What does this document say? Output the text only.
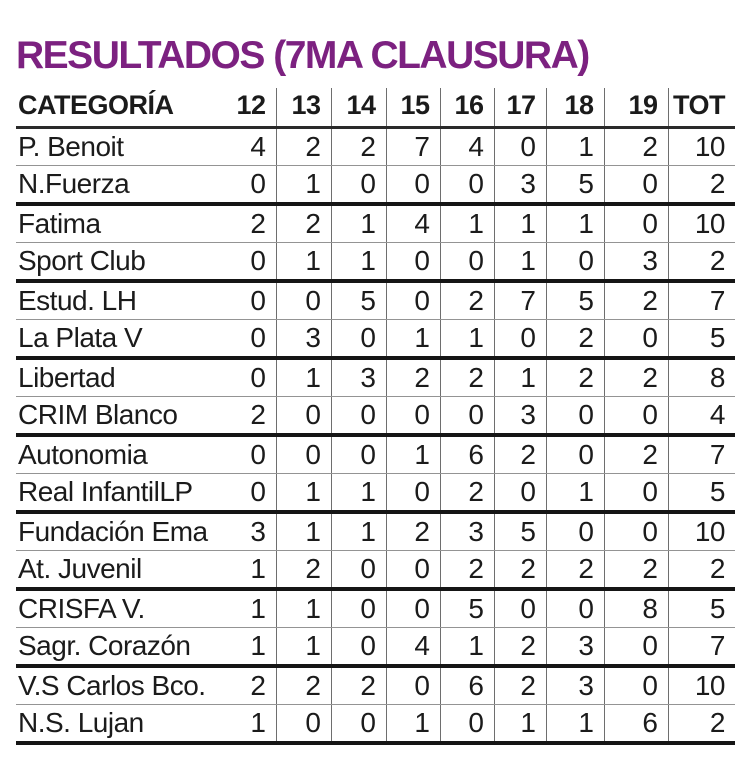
RESULTADOS (7MA CLAUSURA)
CATEGORÍA	12	13	14	15	16	17	18	19	TOT
P. Benoit	4	2	2	7	4	0	1	2	10
N.Fuerza	0	1	0	0	0	3	5	0	2
Fatima	2	2	1	4	1	1	1	0	10
Sport Club	0	1	1	0	0	1	0	3	2
Estud. LH	0	0	5	0	2	7	5	2	7
La Plata V	0	3	0	1	1	0	2	0	5
Libertad	0	1	3	2	2	1	2	2	8
CRIM Blanco	2	0	0	0	0	3	0	0	4
Autonomia	0	0	0	1	6	2	0	2	7
Real InfantilLP	0	1	1	0	2	0	1	0	5
Fundación Ema	3	1	1	2	3	5	0	0	10
At. Juvenil	1	2	0	0	2	2	2	2	2
CRISFA V.	1	1	0	0	5	0	0	8	5
Sagr. Corazón	1	1	0	4	1	2	3	0	7
V.S Carlos Bco.	2	2	2	0	6	2	3	0	10
N.S. Lujan	1	0	0	1	0	1	1	6	2
